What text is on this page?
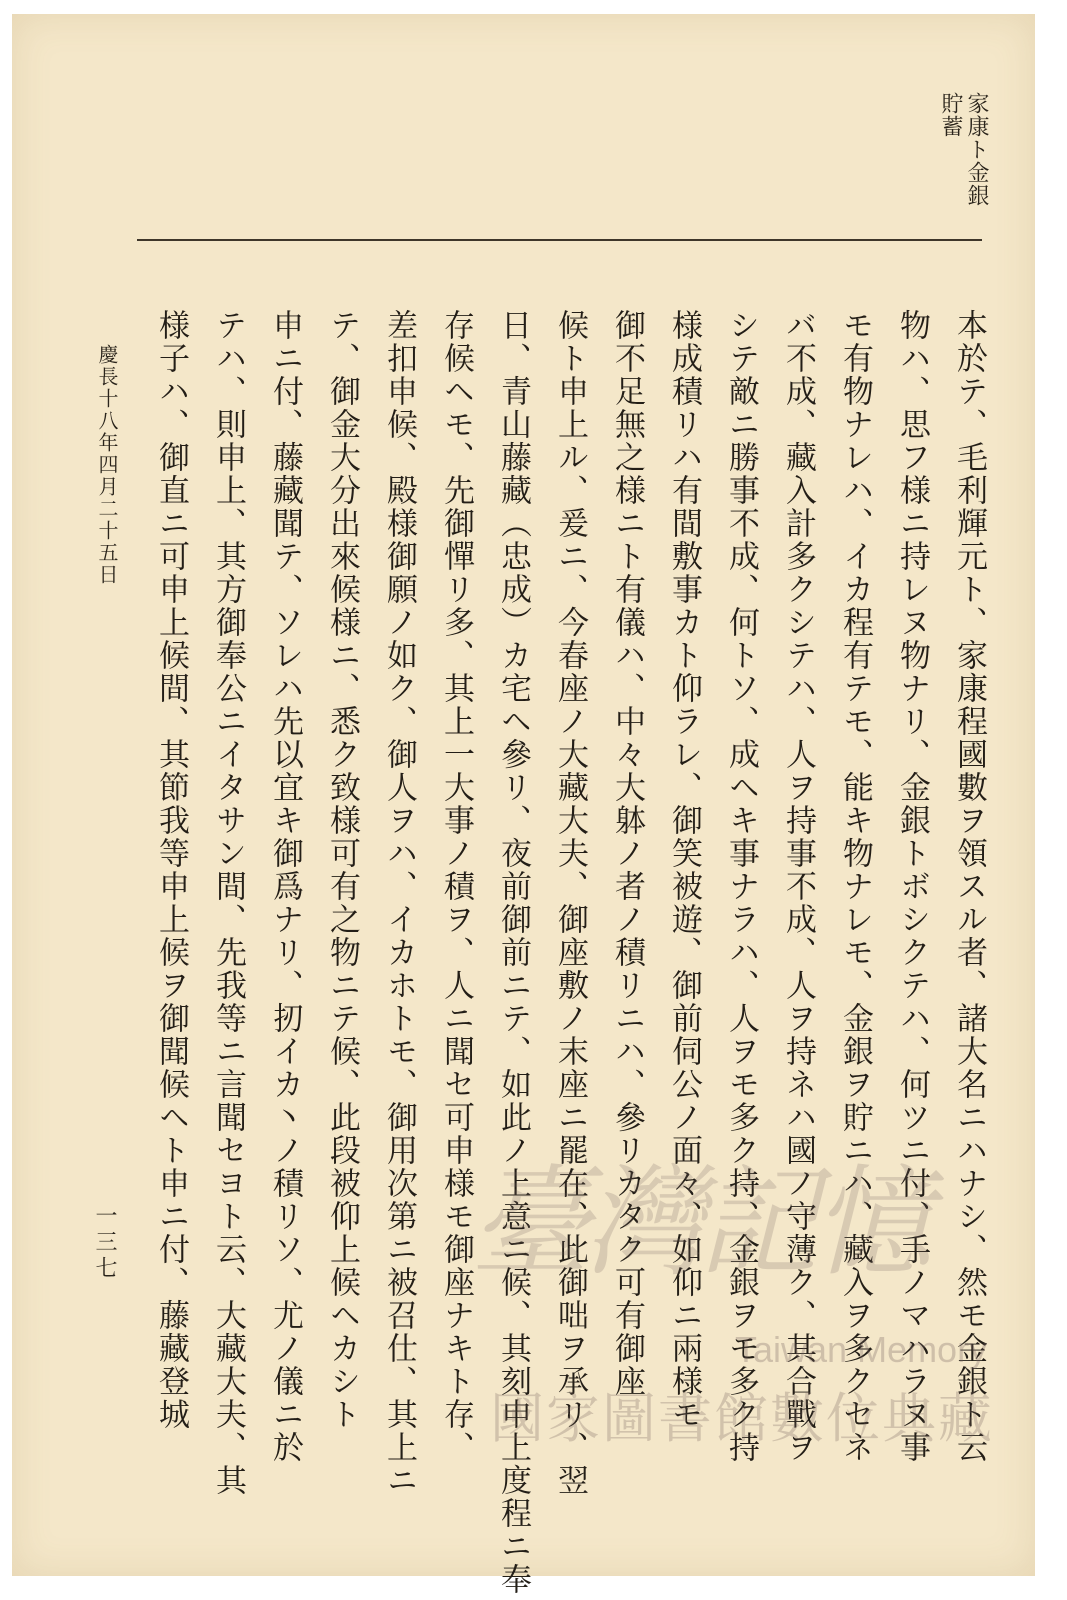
家康ト金銀貯蓄
本於テ、毛利輝元ト、家康程國數ヲ領スル者、諸大名ニハナシ、然モ金銀ト云
物ハ、思フ様ニ持レヌ物ナリ、金銀トボシクテハ、何ツニ付、手ノマハラヌ事
モ有物ナレハ、イカ程有テモ、能キ物ナレモ、金銀ヲ貯ニハ、藏入ヲ多クセネ
バ不成、藏入計多クシテハ、人ヲ持事不成、人ヲ持ネハ國ノ守薄ク、其合戰ヲ
シテ敵ニ勝事不成、何トソ、成ヘキ事ナラハ、人ヲモ多ク持、金銀ヲモ多ク持
様成積リハ有間敷事カト仰ラレ、御笑被遊、御前伺公ノ面々、如仰ニ兩様モ
御不足無之様ニト有儀ハ、中々大躰ノ者ノ積リニハ、參リカタク可有御座
候ト申上ル、爰ニ、今春座ノ大藏大夫、御座敷ノ末座ニ罷在、此御咄ヲ承リ、翌
日、青山藤藏（忠成）カ宅ヘ參リ、夜前御前ニテ、如此ノ上意ニ候、其刻申上度程ニ奉
存候ヘモ、先御憚リ多、其上一大事ノ積ヲ、人ニ聞セ可申様モ御座ナキト存、
差扣申候、殿様御願ノ如ク、御人ヲハ、イカホトモ、御用次第ニ被召仕、其上ニ
テ、御金大分出來候様ニ、悉ク致様可有之物ニテ候、此段被仰上候ヘカシト
申ニ付、藤藏聞テ、ソレハ先以宜キ御爲ナリ、扨イカ丶ノ積リソ、尤ノ儀ニ於
テハ、則申上、其方御奉公ニイタサン間、先我等ニ言聞セヨト云、大藏大夫、其
様子ハ、御直ニ可申上候間、其節我等申上候ヲ御聞候ヘト申ニ付、藤藏登城
慶長十八年四月二十五日
一三七	臺灣記憶
Taiwan Memory
國家圖書館數位典藏
